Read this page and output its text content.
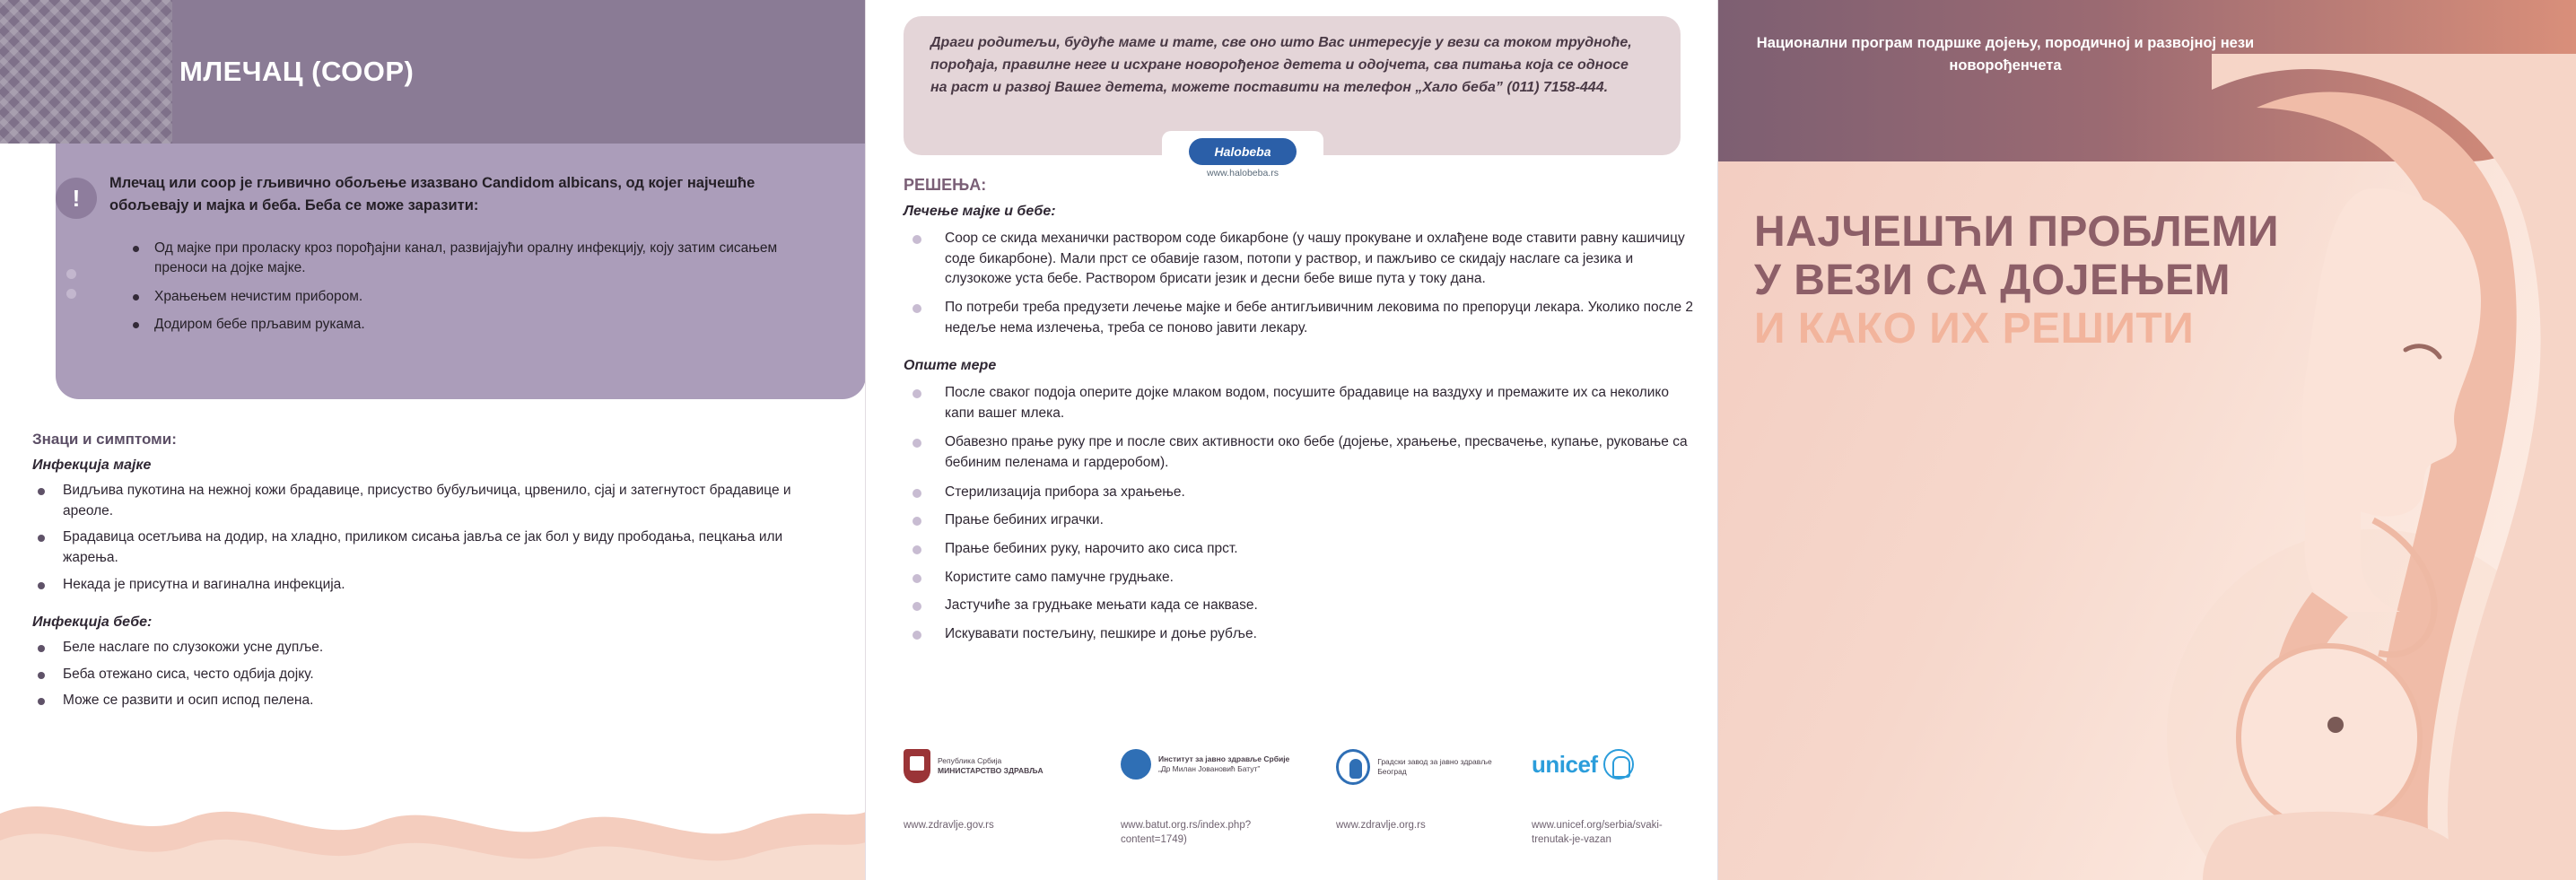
МЛЕЧАЦ (СООР)
!
Млечац или coop је гљивично обољење изазвано Candidom albicans, од којег најчешће обољевају и мајка и беба. Беба се може заразити:
Од мајке при проласку кроз порођајни канал, развијајући оралну инфекцију, коју затим сисањем преноси на дојке мајке.
Храњењем нечистим прибором.
Додиром бебе прљавим рукама.
Знаци и симптоми:
Инфекција мајке
Видљива пукотина на нежној кожи брадавице, присуство бубуљичица, црвенило, сјај и затегнутост брадавице и ареоле.
Брадавица осетљива на додир, на хладно, приликом сисања јавља се јак бол у виду прободања, пецкања или жарења.
Некада је присутна и вагинална инфекција.
Инфекција бебе:
Беле наслаге по слузокожи усне дупље.
Беба отежано сиса, често одбија дојку.
Може се развити и осип испод пелена.
Драги родитељи, будуће маме и тате, све оно што Вас интересује у вези са током трудноће, порођаја, правилне неге и исхране новорођеног детета и одојчета, сва питања која се односе на раст и развој Вашег детета, можете поставити на телефон „Хало беба” (011) 7158-444.
Halobeba
www.halobeba.rs
РЕШЕЊА:
Лечење мајке и бебе:
Coop се скида механички раствором соде бикарбоне (у чашу прокуване и охлађене воде ставити равну кашичицу соде бикарбоне). Мали прст се обавије газом, потопи у раствор, и пажљиво се скидају наслаге са језика и слузокоже уста бебе. Раствором брисати језик и десни бебе више пута у току дана.
По потреби треба предузети лечење мајке и бебе антигљивичним лековима по препоруци лекара. Уколико после 2 недеље нема излечења, треба се поново јавити лекару.
Опште мере
После сваког подоја оперите дојке млаком водом, посушите брадавице на ваздуху и премажите их са неколико капи вашег млека.
Обавезно прање руку пре и после свих активности око бебе (дојење, храњење, пресвачење, купање, руковање са бебиним пеленама и гардеробом).
Стерилизација прибора за храњење.
Прање бебиних играчки.
Прање бебиних руку, нарочито ако сиса прст.
Користите само памучне грудњаке.
Јастучиће за грудњаке мењати када се накваse.
Искувавати постељину, пешкире и доње рубље.
Република Србија
МИНИСТАРСТВО ЗДРАВЉА
www.zdravlje.gov.rs
Институт за јавно здравље Србије
„Др Милан Јовановић Батут”
www.batut.org.rs/index.php?content=1749)
Градски завод за јавно здравље Београд
www.zdravlje.org.rs
unicef
www.unicef.org/serbia/svaki-trenutak-je-vazan
Национални програм подршке дојењу, породичној и развојној нези новорођенчета
НАЈЧЕШЋИ ПРОБЛЕМИ
У ВЕЗИ СА ДОЈЕЊЕМ
И КАКО ИХ РЕШИТИ
